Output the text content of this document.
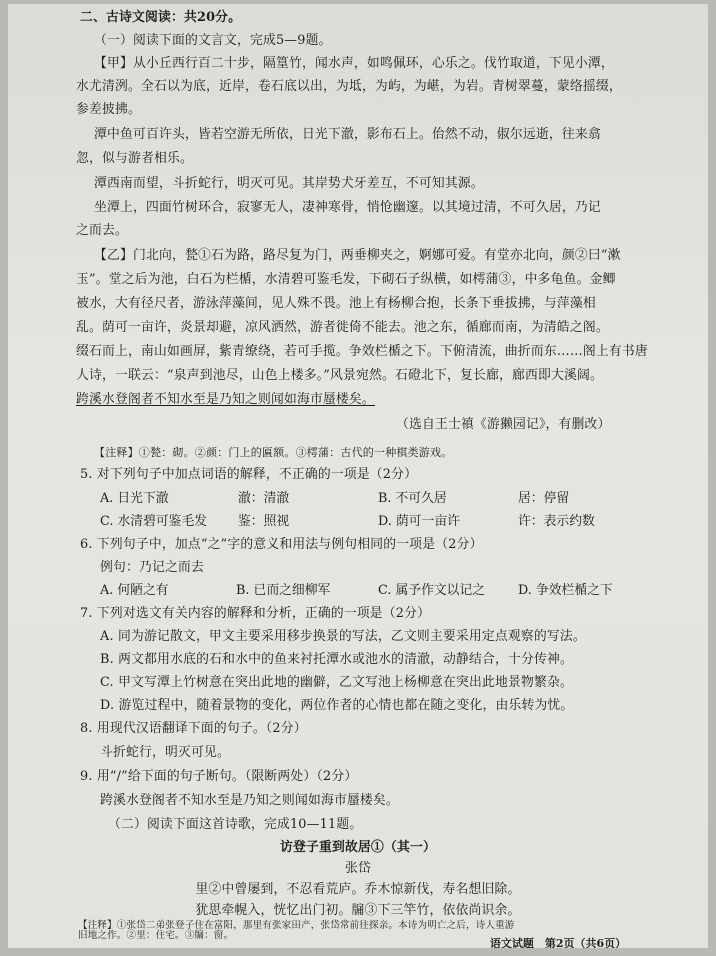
二、古诗文阅读：共20分。
（一）阅读下面的文言文，完成5—9题。
【甲】从小丘西行百二十步，隔篁竹，闻水声，如鸣佩环，心乐之。伐竹取道，下见小潭，
水尤清洌。全石以为底，近岸，卷石底以出，为坻，为屿，为嵁，为岩。青树翠蔓，蒙络摇缀，
参差披拂。
潭中鱼可百许头，皆若空游无所依，日光下澈，影布石上。佁然不动，俶尔远逝，往来翕
忽，似与游者相乐。
潭西南而望，斗折蛇行，明灭可见。其岸势犬牙差互，不可知其源。
坐潭上，四面竹树环合，寂寥无人，凄神寒骨，悄怆幽邃。以其境过清，不可久居，乃记
之而去。
【乙】门北向，甃①石为路，路尽复为门，两垂柳夹之，婀娜可爱。有堂亦北向，颜②曰“漱
玉”。堂之后为池，白石为栏楯，水清碧可鉴毛发，下砌石子纵横，如樗蒲③，中多龟鱼。金鲫
被水，大有径尺者，游泳萍藻间，见人殊不畏。池上有杨柳合抱，长条下垂拔拂，与萍藻相
乱。荫可一亩许，炎景却避，凉风洒然，游者徙倚不能去。池之东，循廊而南，为清皓之阁。
缀石而上，南山如画屏，紫青缭绕，若可手揽。争效栏楯之下。下俯清流，曲折而东……阁上有书唐
人诗，一联云：“泉声到池尽，山色上楼多。”风景宛然。石磴北下，复长廊，廊西即大溪阔。
跨溪水登阁者不知水至是乃知之则闻如海市蜃楼矣。
（选自王士禛《游獭园记》，有删改）
【注释】①甃：砌。②颜：门上的匾额。③樗蒲：古代的一种棋类游戏。
5. 对下列句子中加点词语的解释，不正确的一项是（2分）
A. 日光下澈	澈：清澈	B. 不可久居	居：停留
C. 水清碧可鉴毛发 鉴：照视	D. 荫可一亩许	许：表示约数
6. 下列句子中，加点“之”字的意义和用法与例句相同的一项是（2分）
例句：乃记之而去
A. 何陋之有	B. 已而之细柳军	C. 属予作文以记之	D. 争效栏楯之下
7. 下列对选文有关内容的解释和分析，正确的一项是（2分）
A. 同为游记散文，甲文主要采用移步换景的写法，乙文则主要采用定点观察的写法。
B. 两文都用水底的石和水中的鱼来衬托潭水或池水的清澈，动静结合，十分传神。
C. 甲文写潭上竹树意在突出此地的幽僻，乙文写池上杨柳意在突出此地景物繁杂。
D. 游览过程中，随着景物的变化，两位作者的心情也都在随之变化，由乐转为忧。
8. 用现代汉语翻译下面的句子。（2分）
斗折蛇行，明灭可见。
9. 用“/”给下面的句子断句。（限断两处）（2分）
跨溪水登阁者不知水至是乃知之则闻如海市蜃楼矣。
（二）阅读下面这首诗歌，完成10—11题。
访登子重到故居①（其一）
张岱
里②中曾屡到，不忍看荒庐。乔木惊新伐，寿名想旧除。
犹思牵幌入，恍忆出门初。牖③下三竿竹，依依尚识余。
语文试题　第2页（共6页）
【注释】①张岱二弟张登子住在富阳，那里有张家田产，张岱常前往探亲。本诗为明亡之后，诗人重游
旧地之作。②里：住宅。③牖：窗。
